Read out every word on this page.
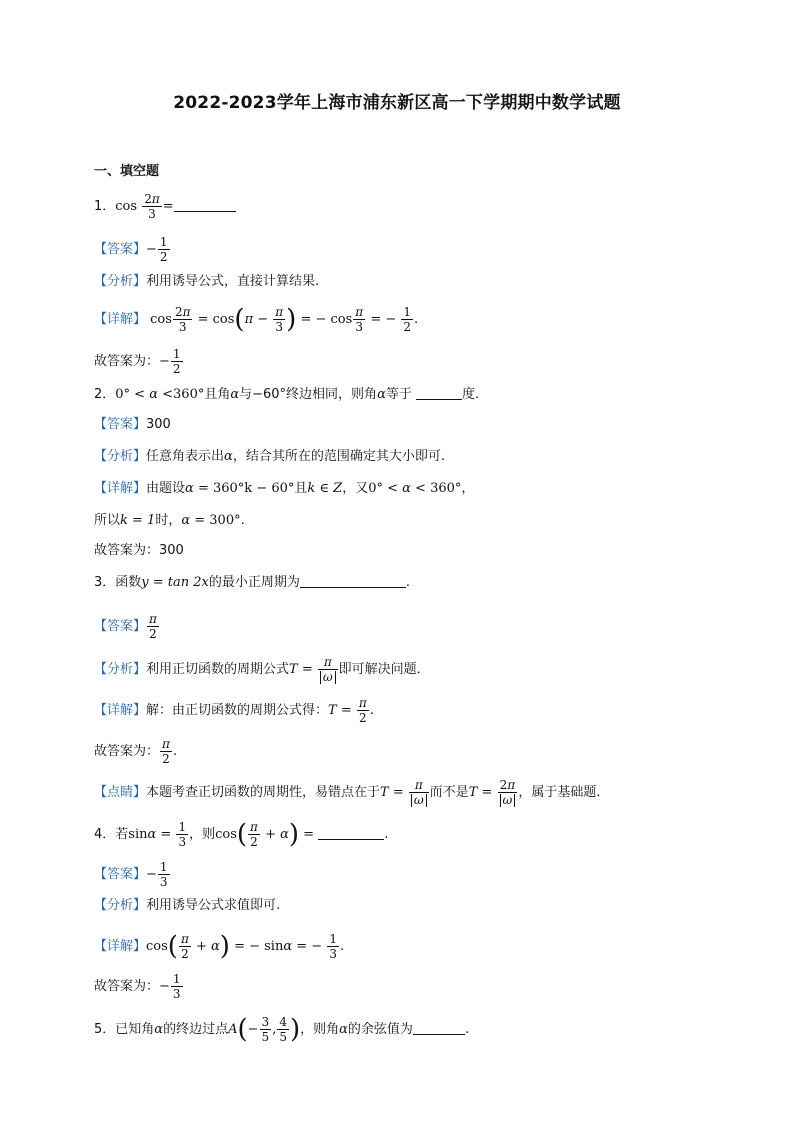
2022-2023学年上海市浦东新区高一下学期期中数学试题
一、填空题
1．$\cos \frac{2\pi}{3}$ =
【答案】− $\frac{1}{2}$
【分析】利用诱导公式，直接计算结果.
【详解】 $\cos \frac{2\pi}{3} = \cos(\pi - \frac{\pi}{3}$ ) = − $\cos \frac{\pi}{3}$ = − $\frac{1}{2}$ .
故答案为：− $\frac{1}{2}$
2．0° < α <360°且角α与−60°终边相同，则角α等于	度.
【答案】300
【分析】任意角表示出α，结合其所在的范围确定其大小即可.
【详解】由题设α = 360°k − 60°且k ∈ Z，又0° < α < 360°，
所以k = 1时，α = 300°.
故答案为：300
3．函数y = tan 2x的最小正周期为	.
【答案】 $\frac{\pi}{2}$
【分析】利用正切函数的周期公式$T = \frac{\pi}{\omega}$ 即可解决问题．
【详解】解：由正切函数的周期公式得：$T = \frac{\pi}{2}$ .
故答案为： $\frac{\pi}{2}$ .
【点睛】本题考查正切函数的周期性，易错点在于$T = \frac{\pi}{\omega}$ 而不是$T = \frac{2\pi}{\omega}$ ，属于基础题．
4．若$\sin\alpha = \frac{1}{3}$ ，则$\cos( \frac{\pi}{2} + \alpha)$ =	.
【答案】− $\frac{1}{3}$
【分析】利用诱导公式求值即可.
【详解】$\cos( \frac{\pi}{2} + \alpha)$ = − sinα = − $\frac{1}{3}$ .
故答案为：− $\frac{1}{3}$
5．已知角α的终边过点$A(- \frac{3}{5}$ , $\frac{4}{5}$ )，则角α的余弦值为	.
